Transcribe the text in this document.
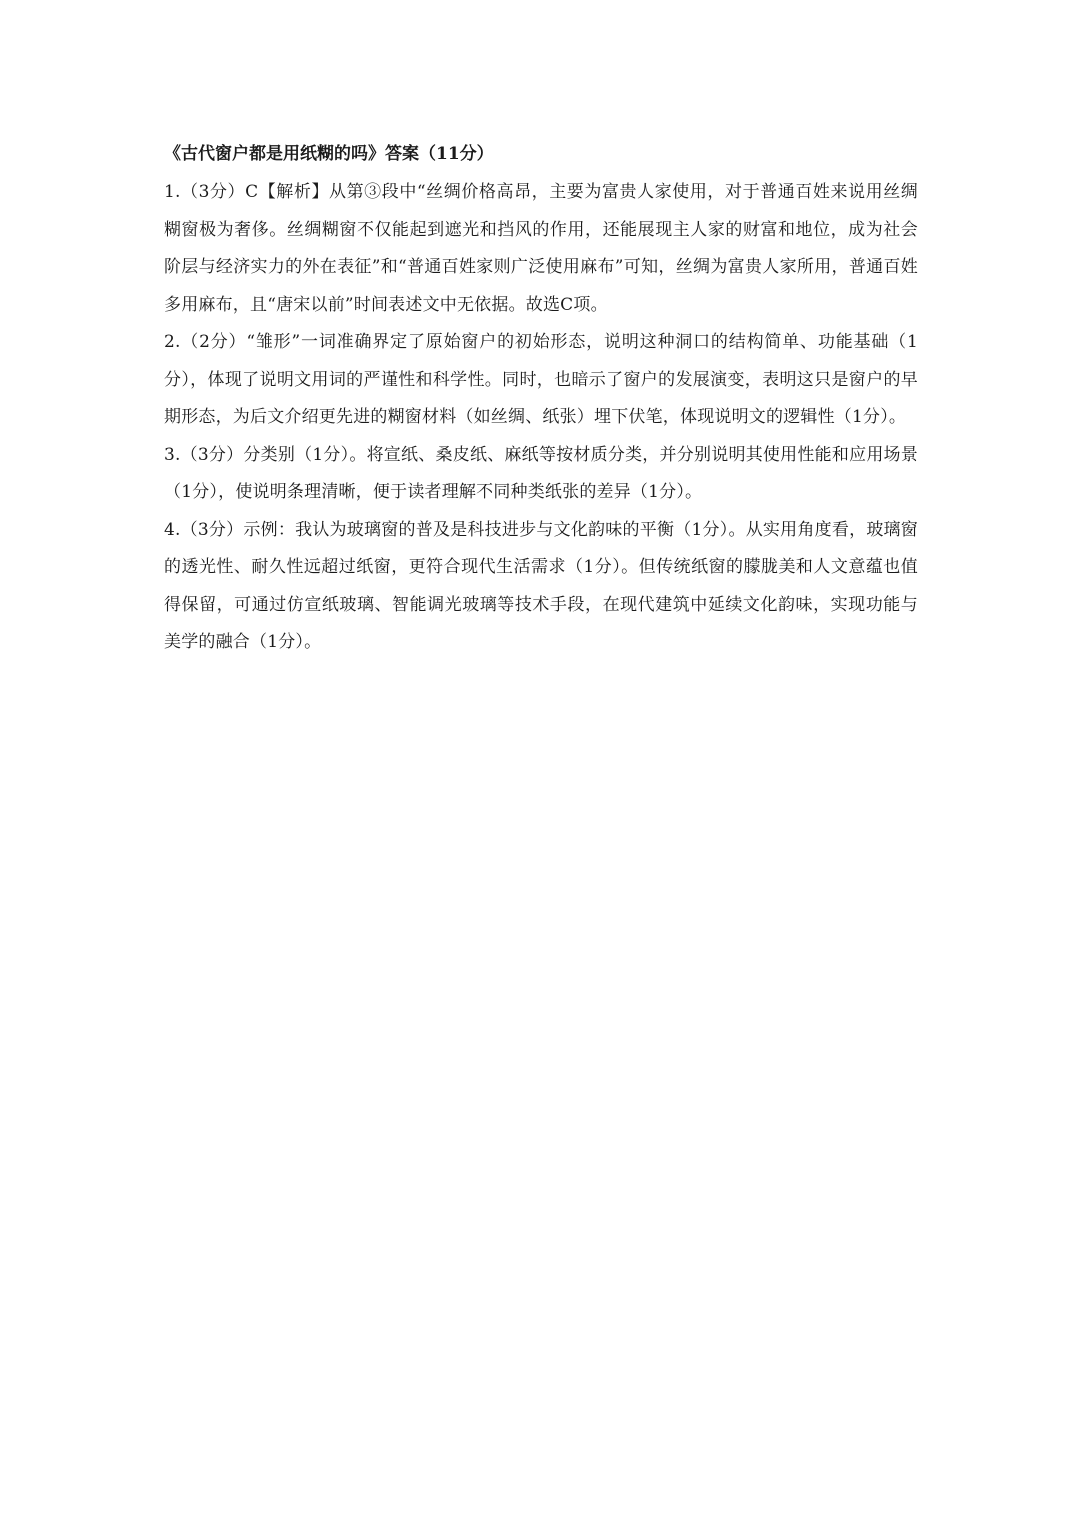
《古代窗户都是用纸糊的吗》答案（11分）

1.（3分）C【解析】从第③段中“丝绸价格高昂，主要为富贵人家使用，对于普通百姓来说用丝绸糊窗极为奢侈。丝绸糊窗不仅能起到遮光和挡风的作用，还能展现主人家的财富和地位，成为社会阶层与经济实力的外在表征”和“普通百姓家则广泛使用麻布”可知，丝绸为富贵人家所用，普通百姓多用麻布，且“唐宋以前”时间表述文中无依据。故选C项。

2.（2分）“雏形”一词准确界定了原始窗户的初始形态，说明这种洞口的结构简单、功能基础（1分），体现了说明文用词的严谨性和科学性。同时，也暗示了窗户的发展演变，表明这只是窗户的早期形态，为后文介绍更先进的糊窗材料（如丝绸、纸张）埋下伏笔，体现说明文的逻辑性（1分）。

3.（3分）分类别（1分）。将宣纸、桑皮纸、麻纸等按材质分类，并分别说明其使用性能和应用场景（1分），使说明条理清晰，便于读者理解不同种类纸张的差异（1分）。

4.（3分）示例：我认为玻璃窗的普及是科技进步与文化韵味的平衡（1分）。从实用角度看，玻璃窗的透光性、耐久性远超过纸窗，更符合现代生活需求（1分）。但传统纸窗的朦胧美和人文意蕴也值得保留，可通过仿宣纸玻璃、智能调光玻璃等技术手段，在现代建筑中延续文化韵味，实现功能与美学的融合（1分）。
